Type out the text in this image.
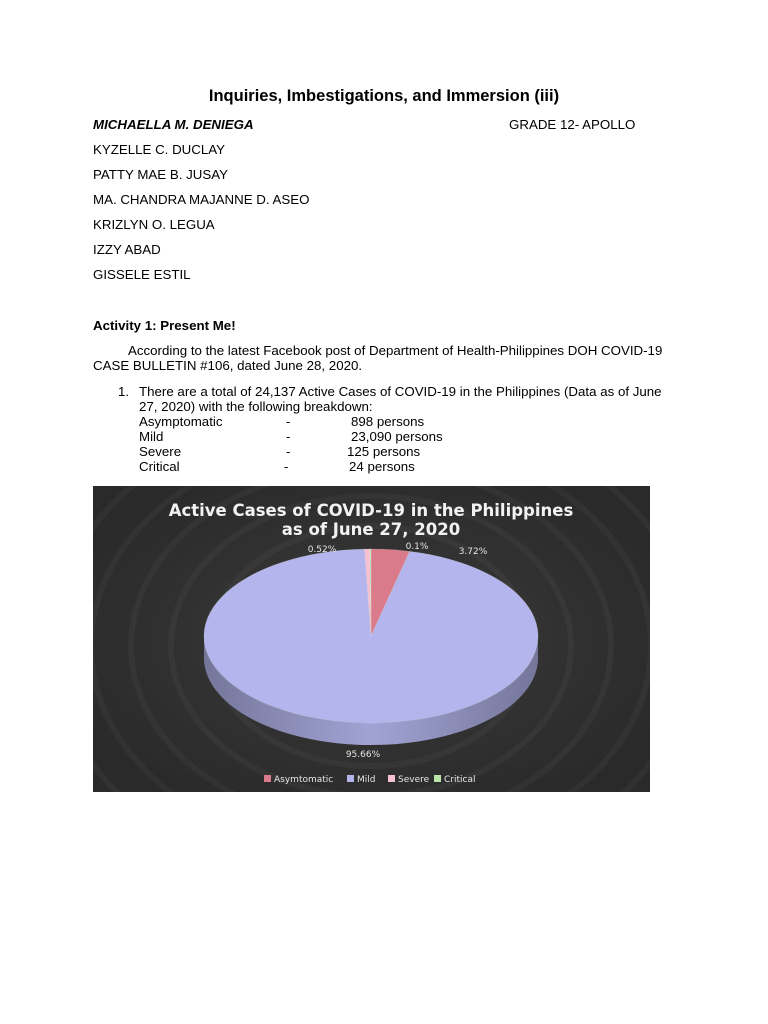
Inquiries, Imbestigations, and Immersion (iii)
MICHAELLA M. DENIEGA	GRADE 12- APOLLO
KYZELLE C. DUCLAY
PATTY MAE B. JUSAY
MA. CHANDRA MAJANNE D. ASEO
KRIZLYN O. LEGUA
IZZY ABAD
GISSELE ESTIL
Activity 1: Present Me!
According to the latest Facebook post of Department of Health-Philippines DOH COVID-19 CASE BULLETIN #106, dated June 28, 2020.
1. There are a total of 24,137 Active Cases of COVID-19 in the Philippines (Data as of June 27, 2020) with the following breakdown:
Asymptomatic	-	898 persons
Mild	-	23,090 persons
Severe	-	125 persons
Critical	-	24 persons
Active Cases of COVID-19 in the Philippines
as of June 27, 2020
3.72%
95.66%
0.52%	0.1%
Asymtomatic	Mild	Severe Critical
